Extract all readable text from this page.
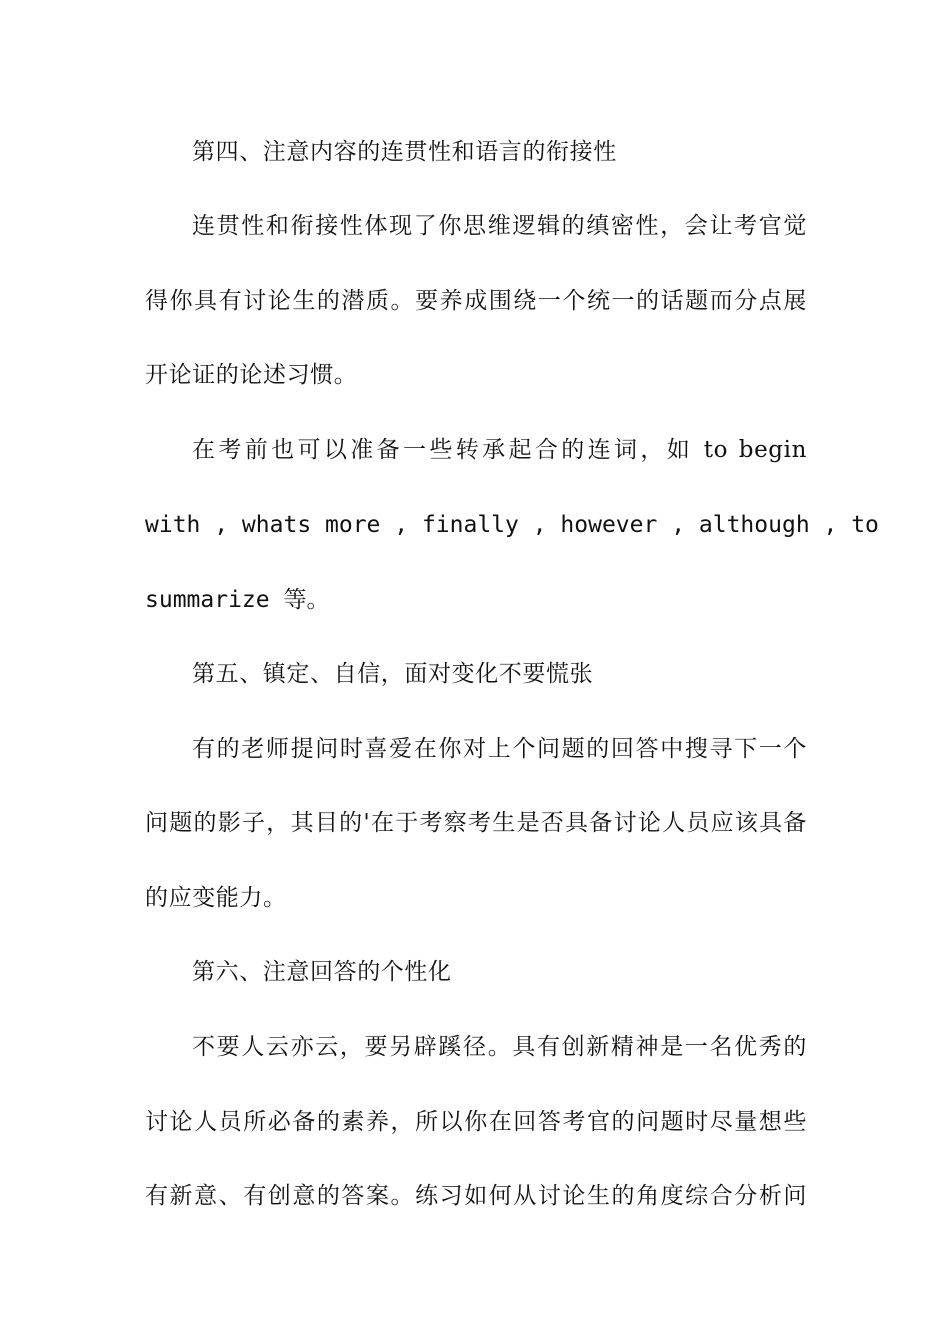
第四、注意内容的连贯性和语言的衔接性
连贯性和衔接性体现了你思维逻辑的缜密性，会让考官觉
得你具有讨论生的潜质。要养成围绕一个统一的话题而分点展
开论证的论述习惯。
在考前也可以准备一些转承起合的连词，如 to begin
with , whats more , finally , however , although , to
summarize 等。
第五、镇定、自信，面对变化不要慌张
有的老师提问时喜爱在你对上个问题的回答中搜寻下一个
问题的影子，其目的'在于考察考生是否具备讨论人员应该具备
的应变能力。
第六、注意回答的个性化
不要人云亦云，要另辟蹊径。具有创新精神是一名优秀的
讨论人员所必备的素养，所以你在回答考官的问题时尽量想些
有新意、有创意的答案。练习如何从讨论生的角度综合分析问
